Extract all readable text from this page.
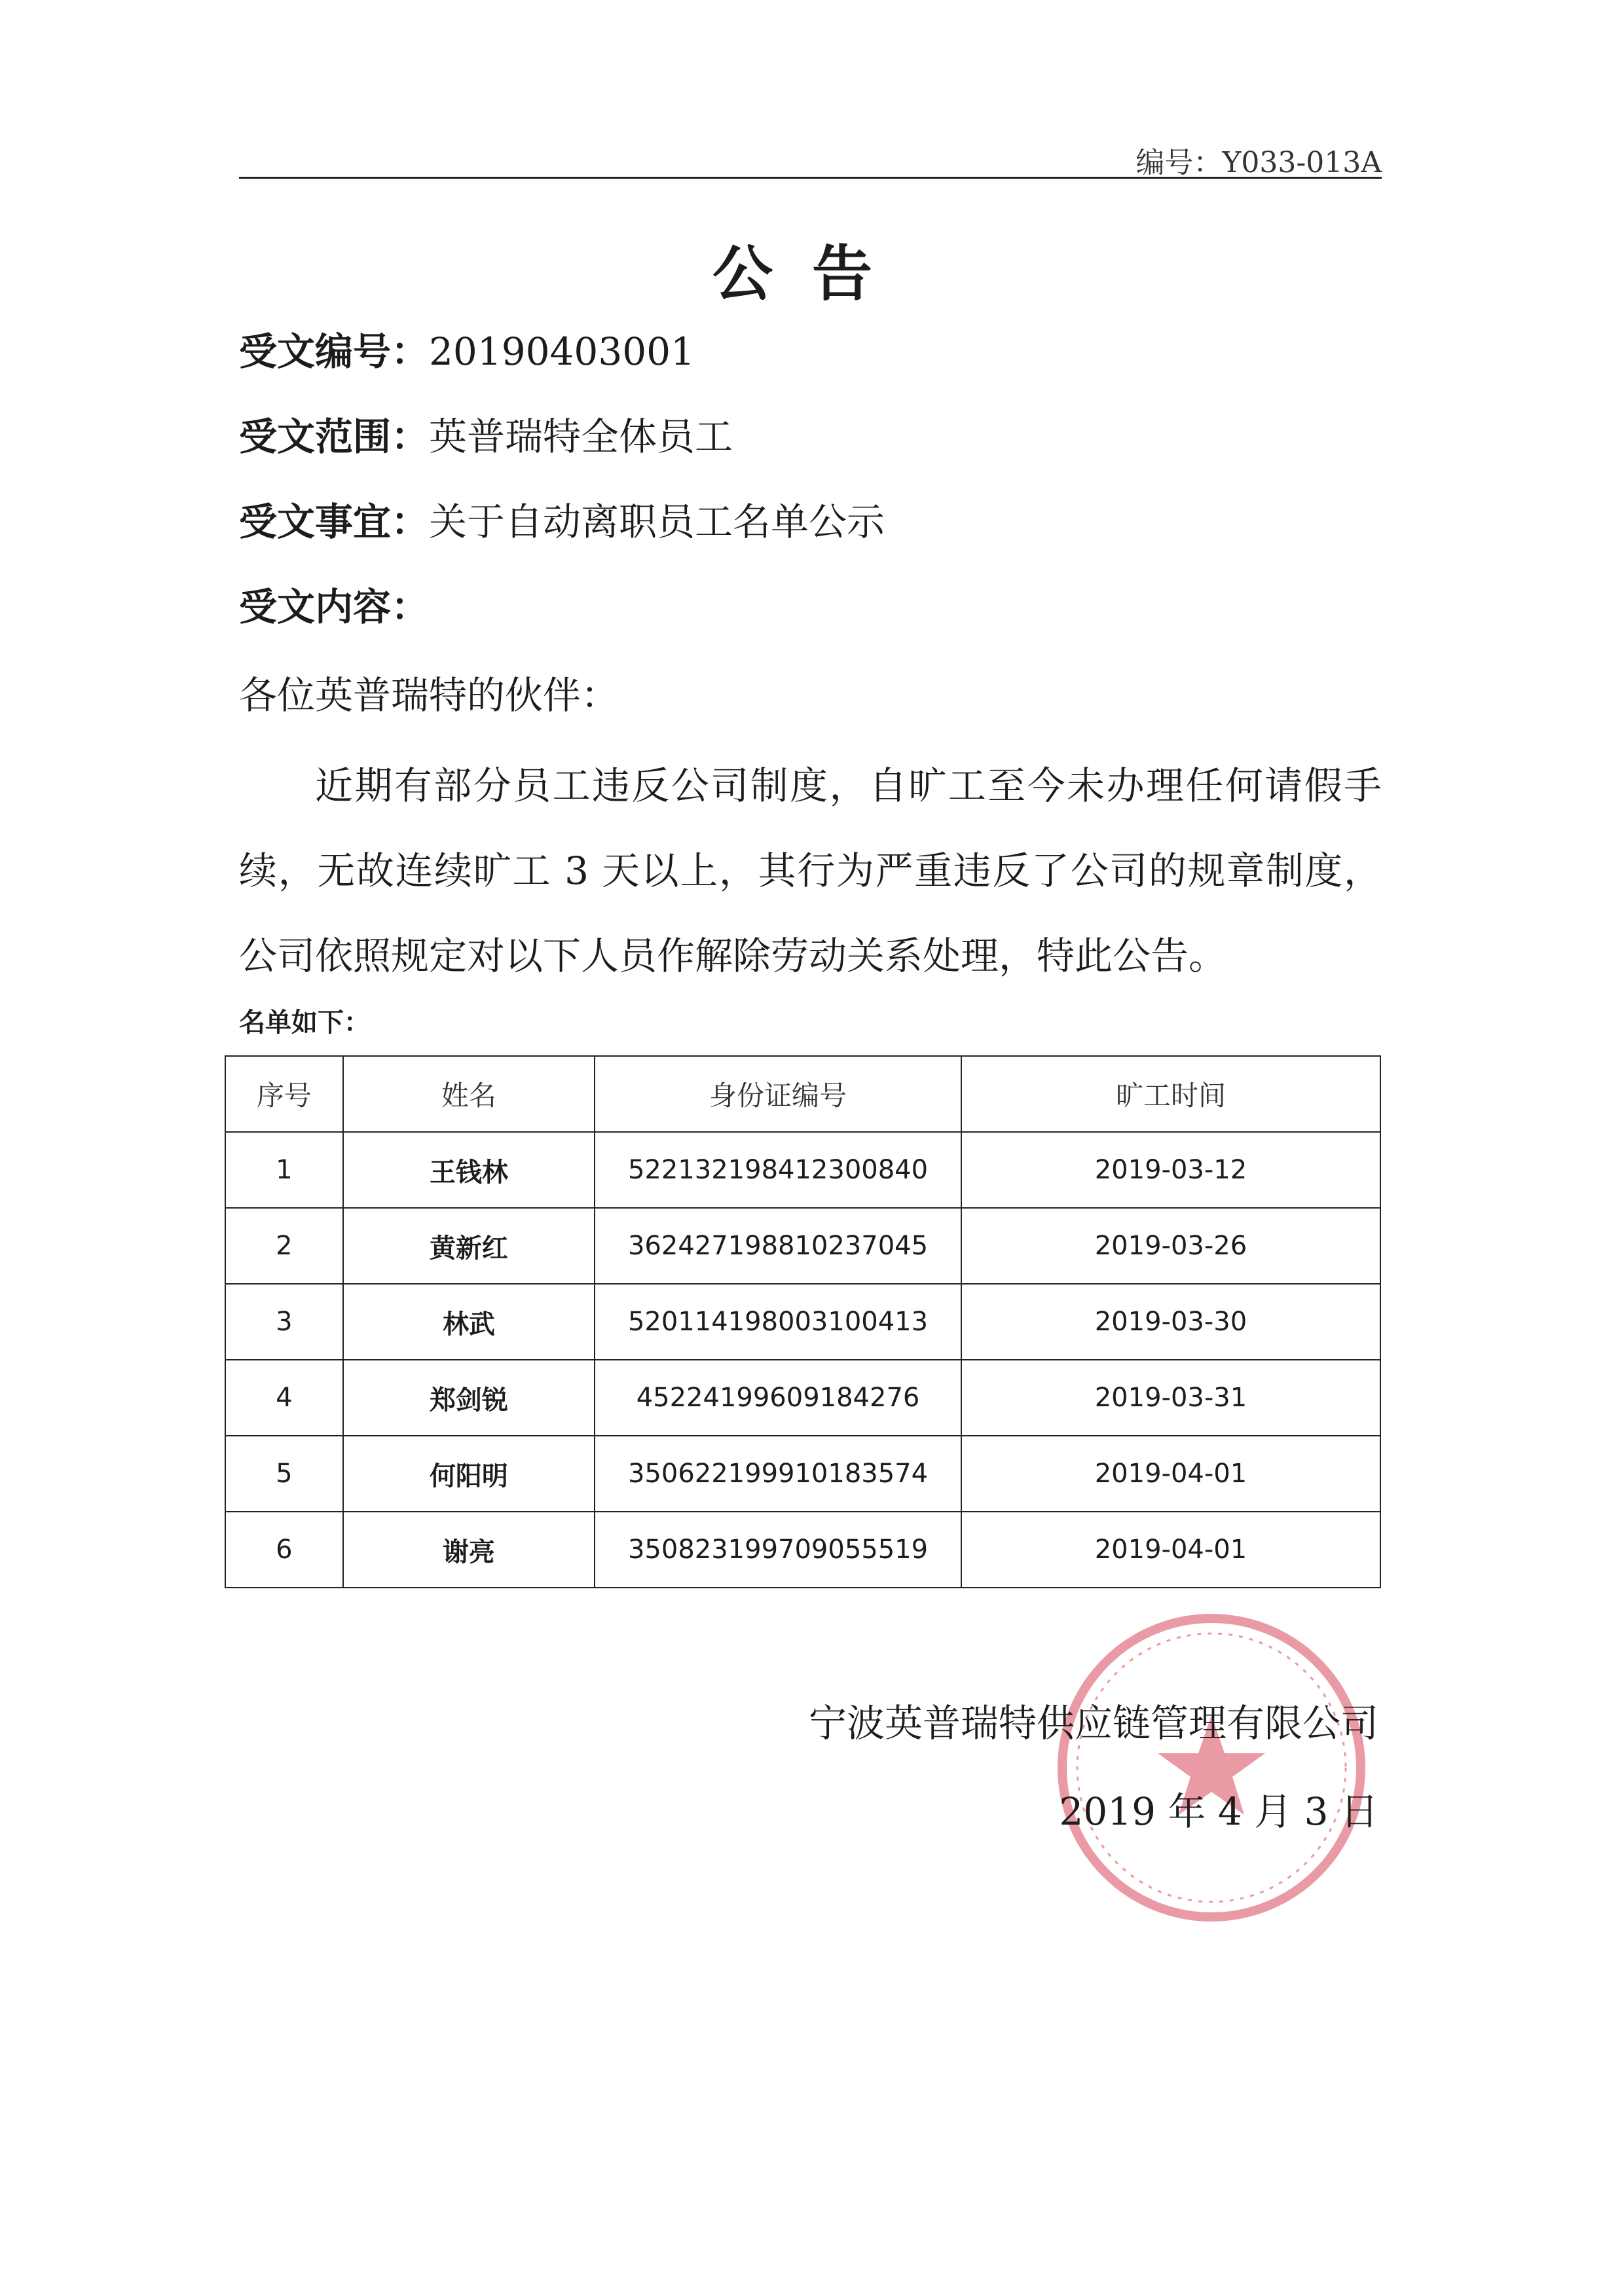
编号：Y033-013A
公告
受文编号：20190403001
受文范围：英普瑞特全体员工
受文事宜：关于自动离职员工名单公示
受文内容：
各位英普瑞特的伙伴：
近期有部分员工违反公司制度，自旷工至今未办理任何请假手续，无故连续旷工 3 天以上，其行为严重违反了公司的规章制度，公司依照规定对以下人员作解除劳动关系处理，特此公告。
名单如下：
序号	姓名	身份证编号	旷工时间
1	王钱林	522132198412300840	2019-03-12
2	黄新红	362427198810237045	2019-03-26
3	林武	520114198003100413	2019-03-30
4	郑剑锐	45224199609184276	2019-03-31
5	何阳明	350622199910183574	2019-04-01
6	谢亮	350823199709055519	2019-04-01
宁波英普瑞特供应链管理有限公司
2019 年 4 月 3 日
